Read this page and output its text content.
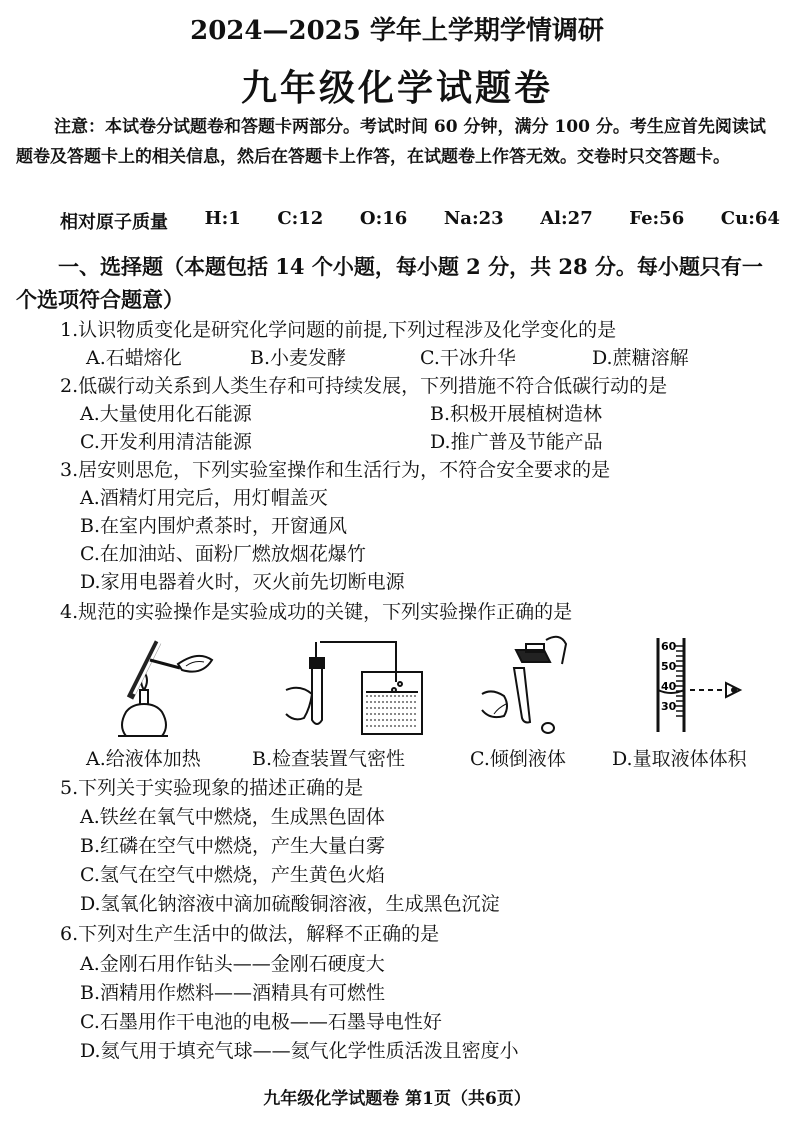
2024—2025 学年上学期学情调研
九年级化学试题卷
注意：本试卷分试题卷和答题卡两部分。考试时间 60 分钟，满分 100 分。考生应首先阅读试题卷及答题卡上的相关信息，然后在答题卡上作答，在试题卷上作答无效。交卷时只交答题卡。
相对原子质量 H:1 C:12 O:16 Na:23 Al:27 Fe:56 Cu:64
一、选择题（本题包括 14 个小题，每小题 2 分，共 28 分。每小题只有一个选项符合题意）
1.认识物质变化是研究化学问题的前提,下列过程涉及化学变化的是
A.石蜡熔化	B.小麦发酵	C.干冰升华	D.蔗糖溶解
2.低碳行动关系到人类生存和可持续发展，下列措施不符合低碳行动的是
A.大量使用化石能源	B.积极开展植树造林
C.开发利用清洁能源	D.推广普及节能产品
3.居安则思危，下列实验室操作和生活行为，不符合安全要求的是
A.酒精灯用完后，用灯帽盖灭
B.在室内围炉煮茶时，开窗通风
C.在加油站、面粉厂燃放烟花爆竹
D.家用电器着火时，灭火前先切断电源
4.规范的实验操作是实验成功的关键，下列实验操作正确的是
A.给液体加热	B.检查装置气密性	C.倾倒液体
60
50
40
30
D.量取液体体积
5.下列关于实验现象的描述正确的是
A.铁丝在氧气中燃烧，生成黑色固体
B.红磷在空气中燃烧，产生大量白雾
C.氢气在空气中燃烧，产生黄色火焰
D.氢氧化钠溶液中滴加硫酸铜溶液，生成黑色沉淀
6.下列对生产生活中的做法，解释不正确的是
A.金刚石用作钻头——金刚石硬度大
B.酒精用作燃料——酒精具有可燃性
C.石墨用作干电池的电极——石墨导电性好
D.氦气用于填充气球——氦气化学性质活泼且密度小
九年级化学试题卷 第1页（共6页）
